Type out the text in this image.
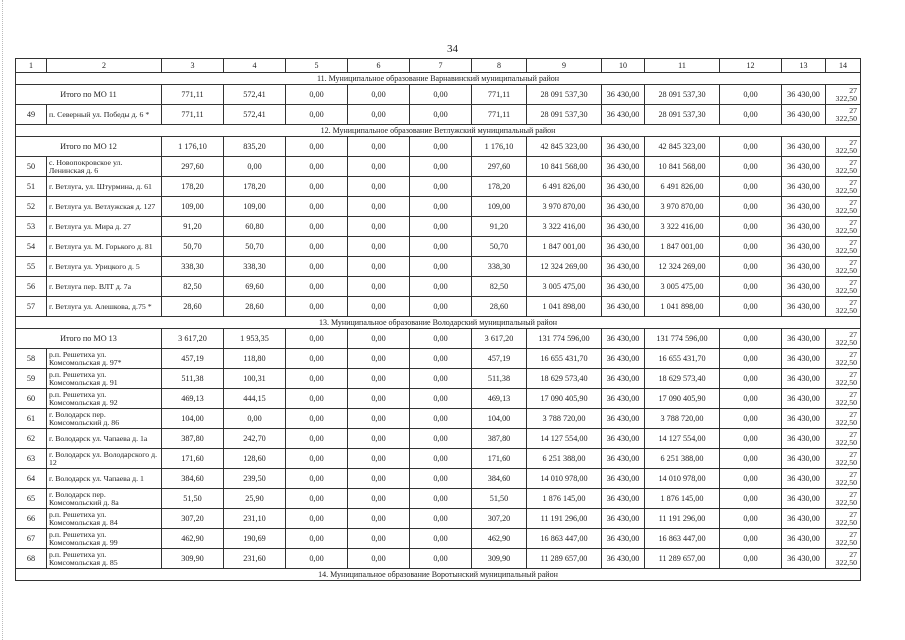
34
1	2	3	4	5	6	7	8	9	10	11	12	13	14
11. Муниципальное образование Варнавинский муниципальный район													
Итого по МО 11		771,11	572,41	0,00	0,00	0,00	771,11	28 091 537,30	36 430,00	28 091 537,30	0,00	36 430,00	27 322,50
49	п. Северный ул. Победы д. 6 *	771,11	572,41	0,00	0,00	0,00	771,11	28 091 537,30	36 430,00	28 091 537,30	0,00	36 430,00	27 322,50
12. Муниципальное образование Ветлужский муниципальный район													
Итого по МО 12		1 176,10	835,20	0,00	0,00	0,00	1 176,10	42 845 323,00	36 430,00	42 845 323,00	0,00	36 430,00	27 322,50
50	с. Новопокровское ул. Ленинская д. 6	297,60	0,00	0,00	0,00	0,00	297,60	10 841 568,00	36 430,00	10 841 568,00	0,00	36 430,00	27 322,50
51	г. Ветлуга, ул. Штурмина, д. 61	178,20	178,20	0,00	0,00	0,00	178,20	6 491 826,00	36 430,00	6 491 826,00	0,00	36 430,00	27 322,50
52	г. Ветлуга ул. Ветлужская д. 127	109,00	109,00	0,00	0,00	0,00	109,00	3 970 870,00	36 430,00	3 970 870,00	0,00	36 430,00	27 322,50
53	г. Ветлуга ул. Мира д. 27	91,20	60,80	0,00	0,00	0,00	91,20	3 322 416,00	36 430,00	3 322 416,00	0,00	36 430,00	27 322,50
54	г. Ветлуга ул. М. Горького д. 81	50,70	50,70	0,00	0,00	0,00	50,70	1 847 001,00	36 430,00	1 847 001,00	0,00	36 430,00	27 322,50
55	г. Ветлуга ул. Урицкого д. 5	338,30	338,30	0,00	0,00	0,00	338,30	12 324 269,00	36 430,00	12 324 269,00	0,00	36 430,00	27 322,50
56	г. Ветлуга пер. ВЛТ д. 7а	82,50	69,60	0,00	0,00	0,00	82,50	3 005 475,00	36 430,00	3 005 475,00	0,00	36 430,00	27 322,50
57	г. Ветлуга ул. Алешкова, д.75 *	28,60	28,60	0,00	0,00	0,00	28,60	1 041 898,00	36 430,00	1 041 898,00	0,00	36 430,00	27 322,50
13. Муниципальное образование Володарский муниципальный район													
Итого по МО 13		3 617,20	1 953,35	0,00	0,00	0,00	3 617,20	131 774 596,00	36 430,00	131 774 596,00	0,00	36 430,00	27 322,50
58	р.п. Решетиха ул. Комсомольская д. 97*	457,19	118,80	0,00	0,00	0,00	457,19	16 655 431,70	36 430,00	16 655 431,70	0,00	36 430,00	27 322,50
59	р.п. Решетиха ул. Комсомольская д. 91	511,38	100,31	0,00	0,00	0,00	511,38	18 629 573,40	36 430,00	18 629 573,40	0,00	36 430,00	27 322,50
60	р.п. Решетиха ул. Комсомольская д. 92	469,13	444,15	0,00	0,00	0,00	469,13	17 090 405,90	36 430,00	17 090 405,90	0,00	36 430,00	27 322,50
61	г. Володарск пер. Комсомольский д. 86	104,00	0,00	0,00	0,00	0,00	104,00	3 788 720,00	36 430,00	3 788 720,00	0,00	36 430,00	27 322,50
62	г. Володарск ул. Чапаева д. 1а	387,80	242,70	0,00	0,00	0,00	387,80	14 127 554,00	36 430,00	14 127 554,00	0,00	36 430,00	27 322,50
63	г. Володарск ул. Володарского д. 12	171,60	128,60	0,00	0,00	0,00	171,60	6 251 388,00	36 430,00	6 251 388,00	0,00	36 430,00	27 322,50
64	г. Володарск ул. Чапаева д. 1	384,60	239,50	0,00	0,00	0,00	384,60	14 010 978,00	36 430,00	14 010 978,00	0,00	36 430,00	27 322,50
65	г. Володарск пер. Комсомольский д. 8а	51,50	25,90	0,00	0,00	0,00	51,50	1 876 145,00	36 430,00	1 876 145,00	0,00	36 430,00	27 322,50
66	р.п. Решетиха ул. Комсомольская д. 84	307,20	231,10	0,00	0,00	0,00	307,20	11 191 296,00	36 430,00	11 191 296,00	0,00	36 430,00	27 322,50
67	р.п. Решетиха ул. Комсомольская д. 99	462,90	190,69	0,00	0,00	0,00	462,90	16 863 447,00	36 430,00	16 863 447,00	0,00	36 430,00	27 322,50
68	р.п. Решетиха ул. Комсомольская д. 85	309,90	231,60	0,00	0,00	0,00	309,90	11 289 657,00	36 430,00	11 289 657,00	0,00	36 430,00	27 322,50
14. Муниципальное образование Воротынский муниципальный район													
